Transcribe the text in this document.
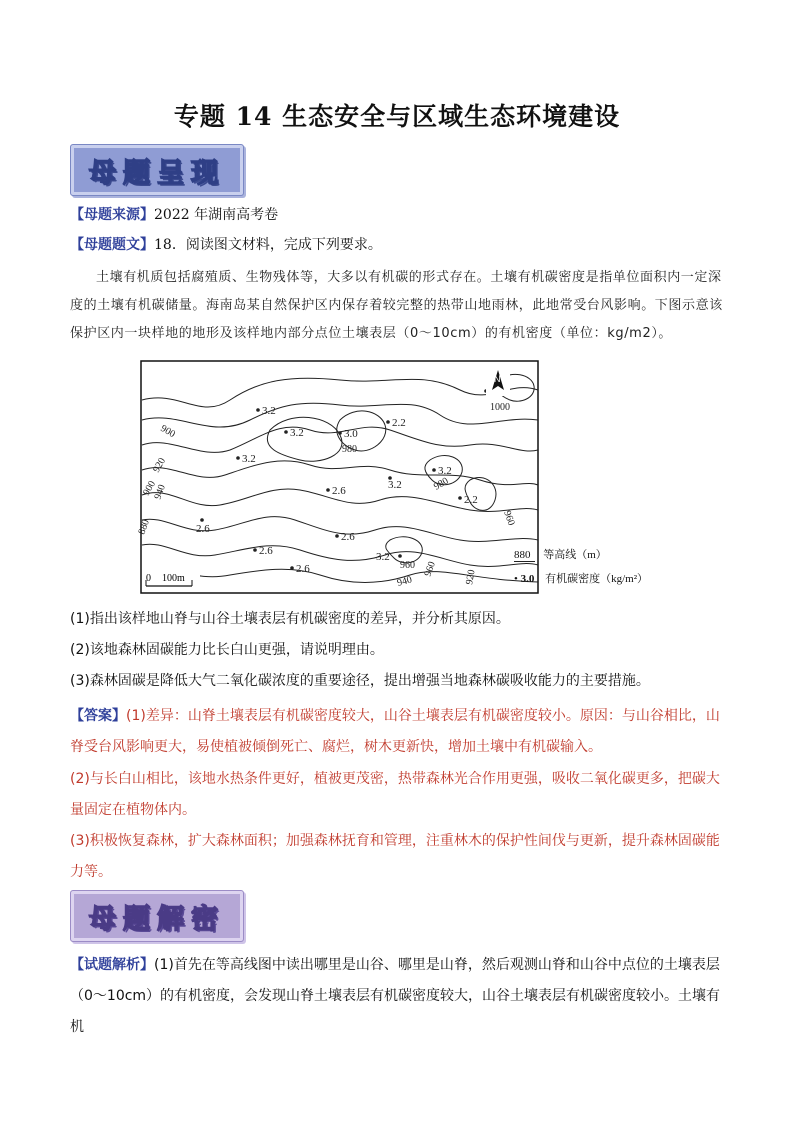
专题 14 生态安全与区域生态环境建设
母题呈现
【母题来源】2022 年湖南高考卷
【母题题文】18．阅读图文材料，完成下列要求。
土壤有机质包括腐殖质、生物残体等，大多以有机碳的形式存在。土壤有机碳密度是指单位面积内一定深度的土壤有机碳储量。海南岛某自然保护区内保存着较完整的热带山地雨林，此地常受台风影响。下图示意该保护区内一块样地的地形及该样地内部分点位土壤表层（0～10cm）的有机密度（单位：kg/m2）。
1000
900
920
900
880
980
960
940	920
960
980
960
940
3.2
3.2	3.0
2.2
3.2
2.6
3.2
3.2
2.2
2.6
2.6
2.6
2.6
3.2
N
0 100m
880 等高线（m）
• 3.0 有机碳密度（kg/m²）
(1)指出该样地山脊与山谷土壤表层有机碳密度的差异，并分析其原因。
(2)该地森林固碳能力比长白山更强，请说明理由。
(3)森林固碳是降低大气二氧化碳浓度的重要途径，提出增强当地森林碳吸收能力的主要措施。
【答案】(1)差异：山脊土壤表层有机碳密度较大，山谷土壤表层有机碳密度较小。原因：与山谷相比，山脊受台风影响更大，易使植被倾倒死亡、腐烂，树木更新快，增加土壤中有机碳输入。
(2)与长白山相比，该地水热条件更好，植被更茂密，热带森林光合作用更强，吸收二氧化碳更多，把碳大量固定在植物体内。
(3)积极恢复森林，扩大森林面积；加强森林抚育和管理，注重林木的保护性间伐与更新，提升森林固碳能力等。
母题解密
【试题解析】(1)首先在等高线图中读出哪里是山谷、哪里是山脊，然后观测山脊和山谷中点位的土壤表层（0～10cm）的有机密度，会发现山脊土壤表层有机碳密度较大，山谷土壤表层有机碳密度较小。土壤有机
